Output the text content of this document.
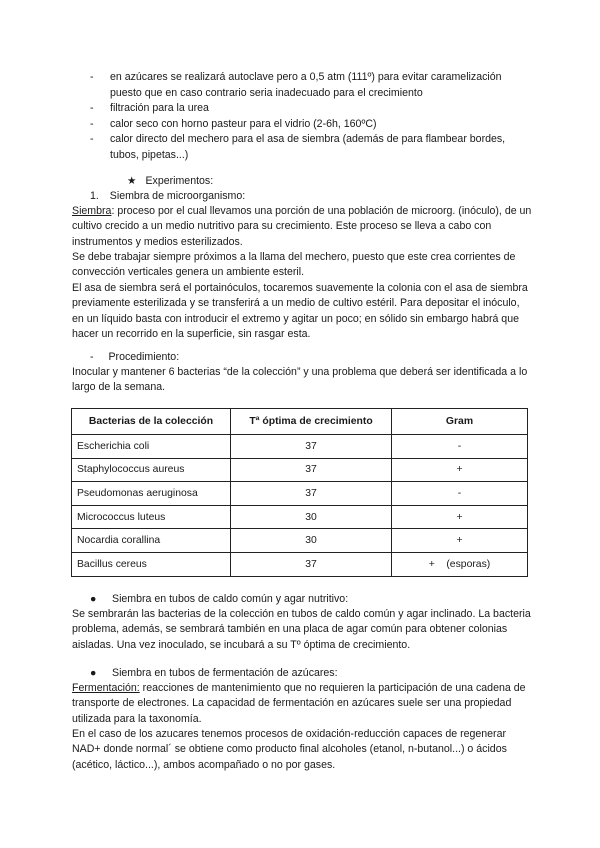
- en azúcares se realizará autoclave pero a 0,5 atm (111º) para evitar caramelización puesto que en caso contrario seria inadecuado para el crecimiento
- filtración para la urea
- calor seco con horno pasteur para el vidrio (2-6h, 160ºC)
- calor directo del mechero para el asa de siembra (además de para flambear bordes, tubos, pipetas...)
★ Experimentos:
1. Siembra de microorganismo:
Siembra: proceso por el cual llevamos una porción de una población de microorg. (inóculo), de un cultivo crecido a un medio nutritivo para su crecimiento. Este proceso se lleva a cabo con instrumentos y medios esterilizados.
Se debe trabajar siempre próximos a la llama del mechero, puesto que este crea corrientes de convección verticales genera un ambiente esteril.
El asa de siembra será el portainóculos, tocaremos suavemente la colonia con el asa de siembra previamente esterilizada y se transferirá a un medio de cultivo estéril. Para depositar el inóculo, en un líquido basta con introducir el extremo y agitar un poco; en sólido sin embargo habrá que hacer un recorrido en la superficie, sin rasgar esta.
- Procedimiento:
Inocular y mantener 6 bacterias “de la colección” y una problema que deberá ser identificada a lo largo de la semana.
Bacterias de la colección	Tª óptima de crecimiento	Gram
Escherichia coli	37	-
Staphylococcus aureus	37	+
Pseudomonas aeruginosa	37	-
Micrococcus luteus	30	+
Nocardia corallina	30	+
Bacillus cereus	37	+    (esporas)
● Siembra en tubos de caldo común y agar nutritivo:
Se sembrarán las bacterias de la colección en tubos de caldo común y agar inclinado. La bacteria problema, además, se sembrará también en una placa de agar común para obtener colonias aisladas. Una vez inoculado, se incubará a su Tº óptima de crecimiento.
● Siembra en tubos de fermentación de azúcares:
Fermentación: reacciones de mantenimiento que no requieren la participación de una cadena de transporte de electrones. La capacidad de fermentación en azúcares suele ser una propiedad utilizada para la taxonomía.
En el caso de los azucares tenemos procesos de oxidación-reducción capaces de regenerar NAD+ donde normal´ se obtiene como producto final alcoholes (etanol, n-butanol...) o ácidos (acético, láctico...), ambos acompañado o no por gases.
